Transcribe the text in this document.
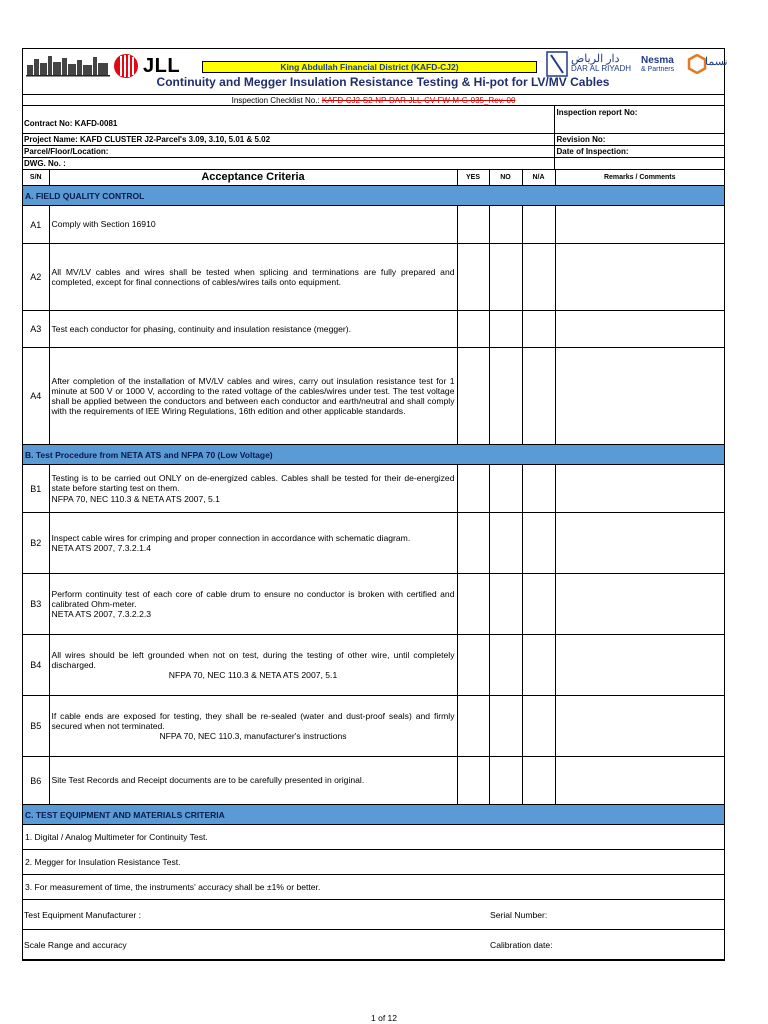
JLL	King Abdullah Financial District (KAFD-CJ2)
Continuity and Megger Insulation Resistance Testing & Hi-pot for LV/MV Cables
دار الرياض
DAR AL RIYADH
Nesma
& Partners
نسما
Inspection Checklist No.: KAFD-CJ2-S2-NP-DAR-JLL-CV-FW-M-G-035_Rev. 00
Contract No: KAFD-0081	Inspection report No:
Project Name: KAFD CLUSTER J2-Parcel's 3.09, 3.10, 5.01 & 5.02	Revision No:
Parcel/Floor/Location:	Date of Inspection:
DWG. No. :	
S/N	Acceptance Criteria	YES	NO	N/A	Remarks / Comments
A. FIELD QUALITY CONTROL					
A1	Comply with Section 16910				
A2	All MV/LV cables and wires shall be tested when splicing and terminations are fully prepared and completed, except for final connections of cables/wires tails onto equipment.				
A3	Test each conductor for phasing, continuity and insulation resistance (megger).				
A4	After completion of the installation of MV/LV cables and wires, carry out insulation resistance test for 1 minute at 500 V or 1000 V, according to the rated voltage of the cables/wires under test. The test voltage shall be applied between the conductors and between each conductor and earth/neutral and shall comply with the requirements of IEE Wiring Regulations, 16th edition and other applicable standards.				
B. Test Procedure from NETA ATS and NFPA 70 (Low Voltage)					
B1	Testing is to be carried out ONLY on de-energized cables. Cables shall be tested for their de-energized state before starting test on them.
NFPA 70, NEC 110.3 & NETA ATS 2007, 5.1				
B2	Inspect cable wires for crimping and proper connection in accordance with schematic diagram.
NETA ATS 2007, 7.3.2.1.4				
B3	Perform continuity test of each core of cable drum to ensure no conductor is broken with certified and calibrated Ohm-meter.
NETA ATS 2007, 7.3.2.2.3				
B4	All wires should be left grounded when not on test, during the testing of other wire, until completely discharged.

NFPA 70, NEC 110.3 & NETA ATS 2007, 5.1				

B5	If cable ends are exposed for testing, they shall be re-sealed (water and dust-proof seals) and firmly secured when not terminated.

NFPA 70, NEC 110.3, manufacturer's instructions				

B6	Site Test Records and Receipt documents are to be carefully presented in original.				
C. TEST EQUIPMENT AND MATERIALS CRITERIA					
1. Digital / Analog Multimeter for Continuity Test.					
2. Megger for Insulation Resistance Test.					
3. For measurement of time, the instruments' accuracy shall be ±1% or better.					
Test Equipment Manufacturer :			Serial Number:		
Scale Range and accuracy			Calibration date:		
1 of 12
